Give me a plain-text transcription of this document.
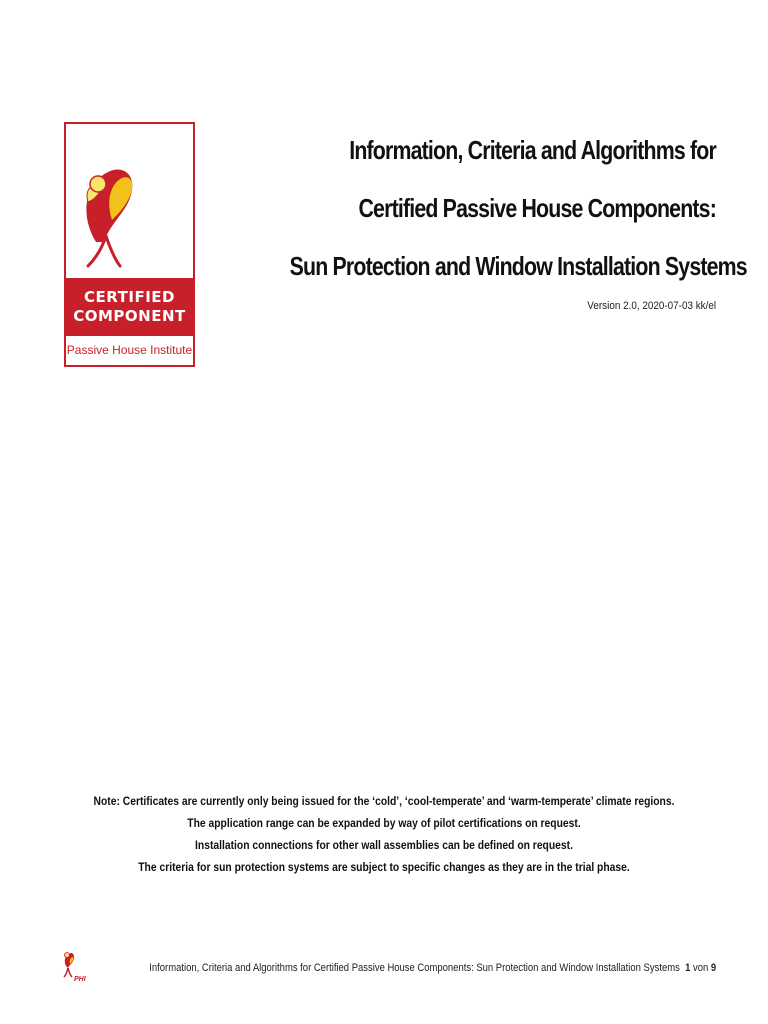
CERTIFIED
COMPONENT
Passive House Institute
Information, Criteria and Algorithms for
Certified Passive House Components:
Sun Protection and Window Installation Systems
Version 2.0, 2020-07-03 kk/el
Note: Certificates are currently only being issued for the ‘cold’, ‘cool-temperate’ and ‘warm-temperate’ climate regions.
The application range can be expanded by way of pilot certifications on request.
Installation connections for other wall assemblies can be defined on request.
The criteria for sun protection systems are subject to specific changes as they are in the trial phase.
PHI
Information, Criteria and Algorithms for Certified Passive House Components: Sun Protection and Window Installation Systems 1 von 9
